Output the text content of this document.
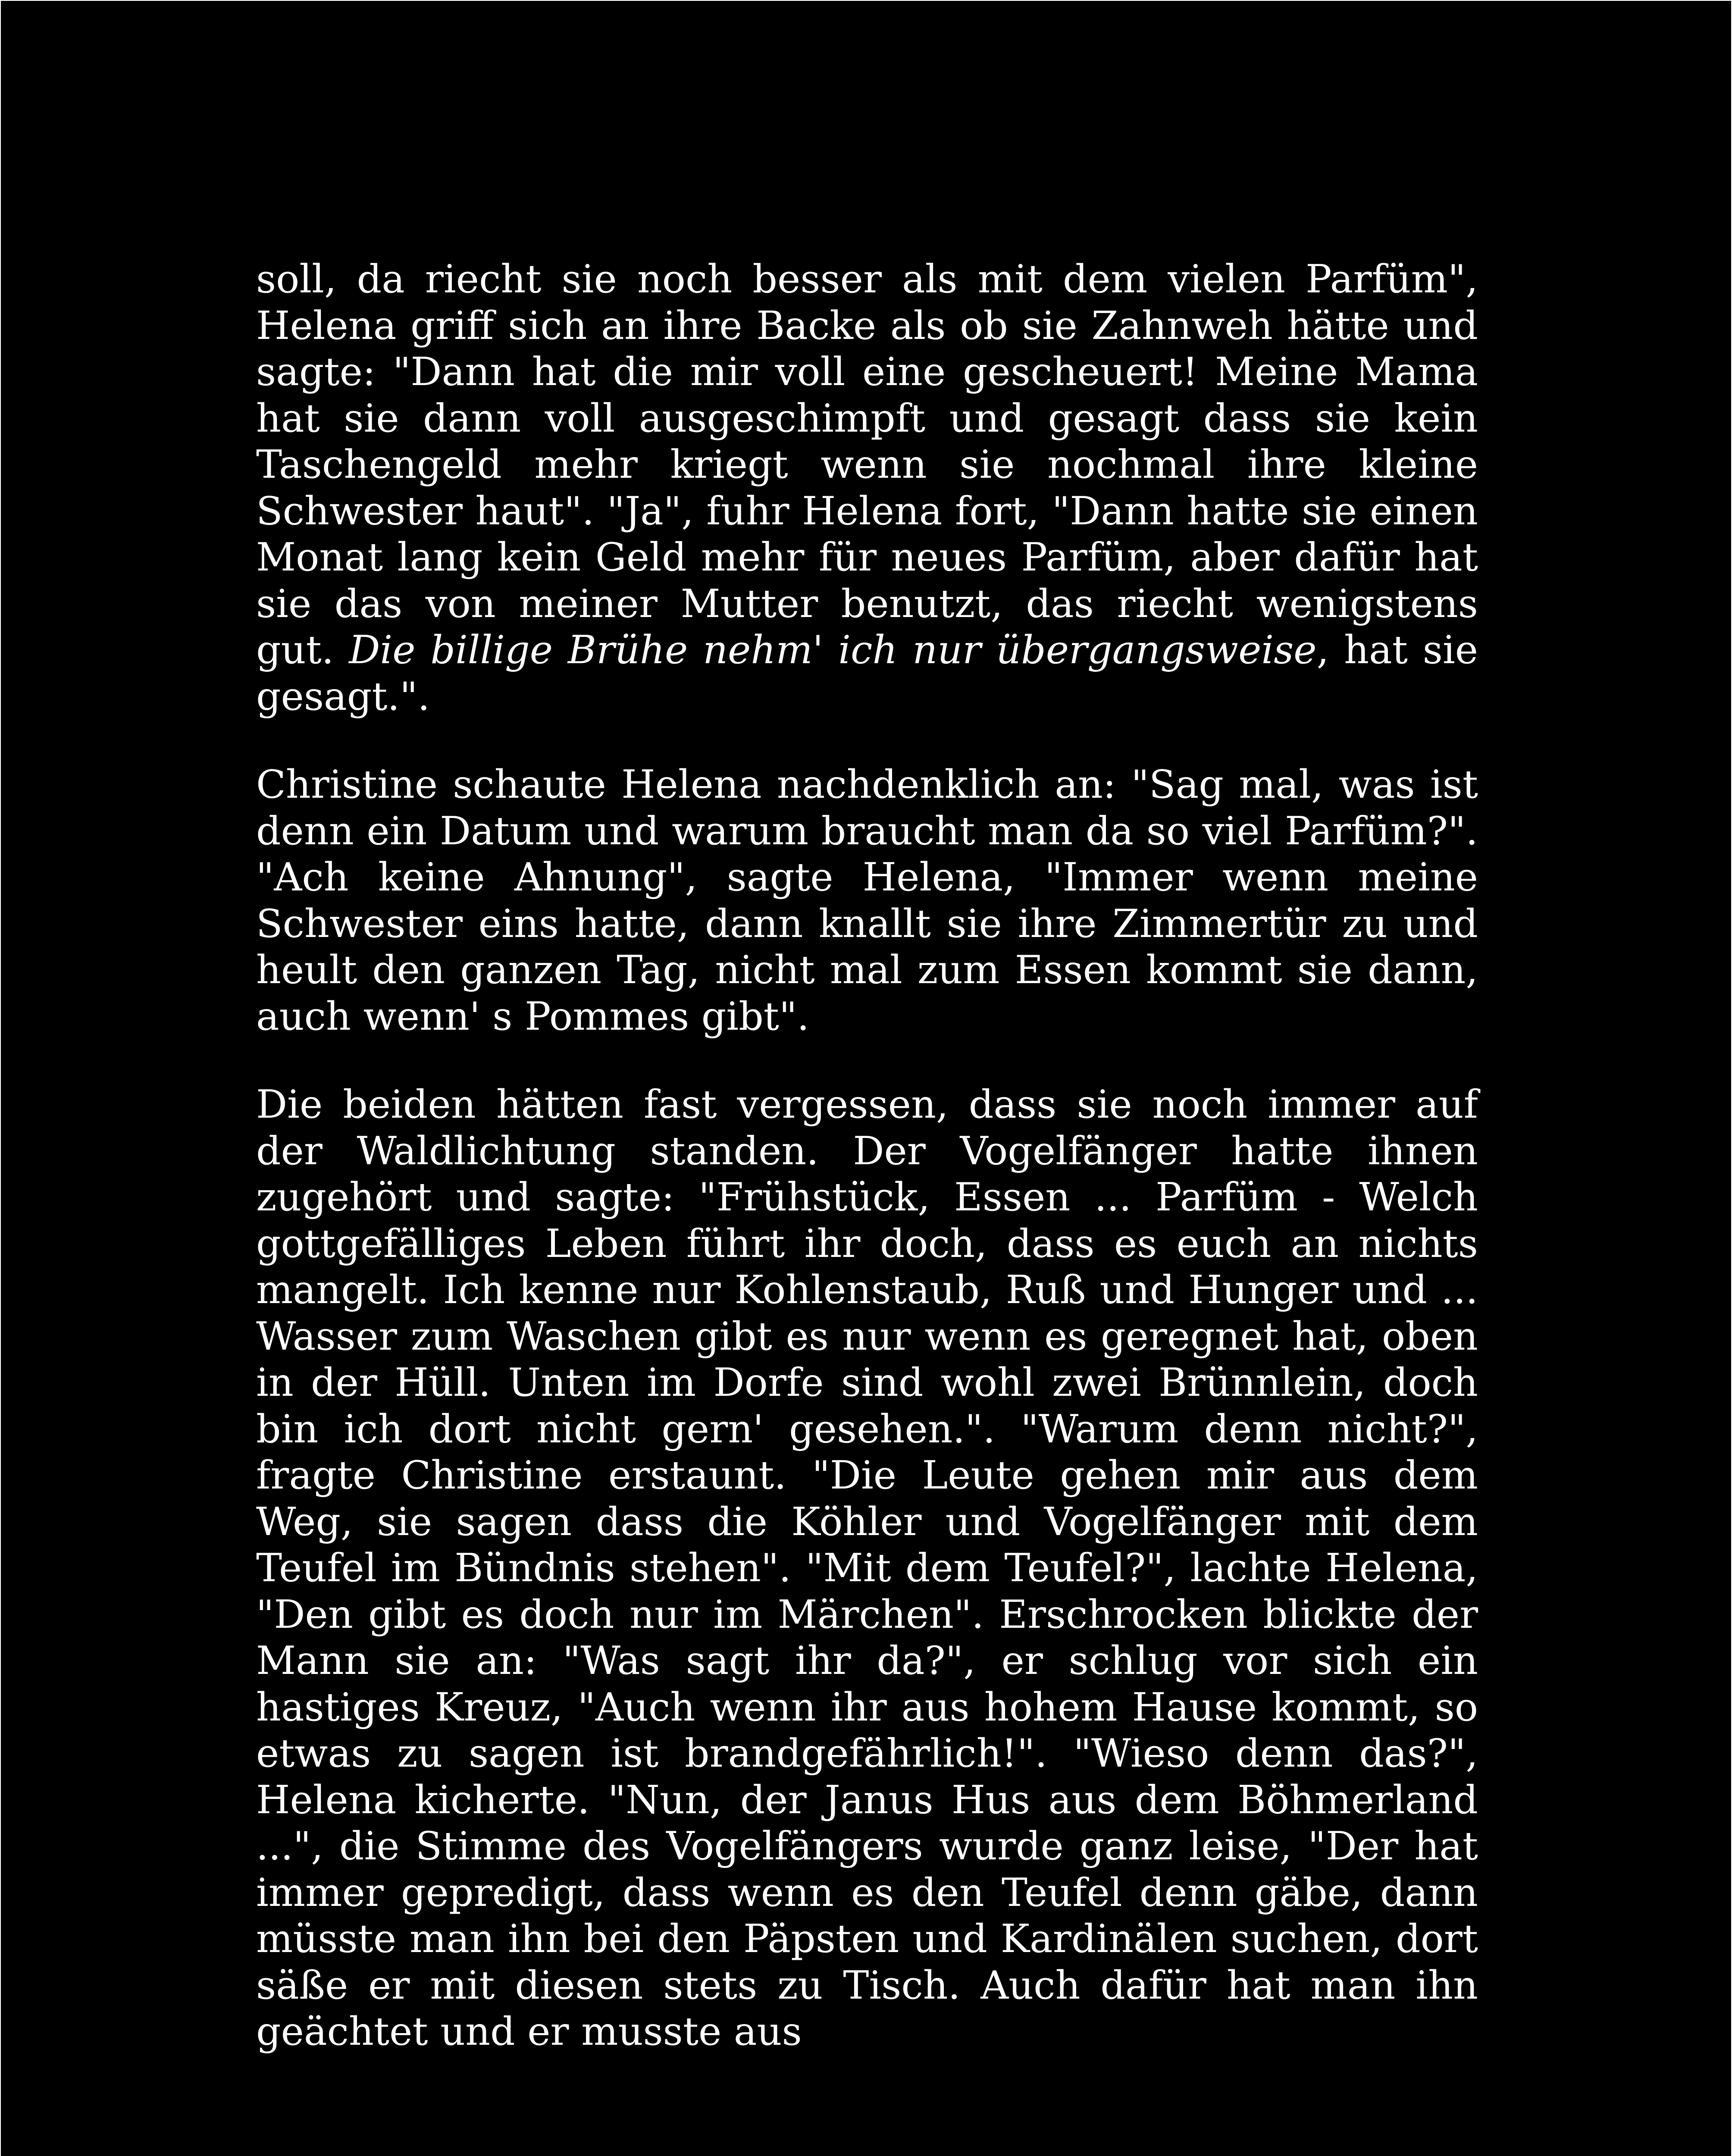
soll, da riecht sie noch besser als mit dem vielen Parfüm", Helena griff sich an ihre Backe als ob sie Zahnweh hätte und sagte: "Dann hat die mir voll eine gescheuert! Meine Mama hat sie dann voll ausgeschimpft und gesagt dass sie kein Taschengeld mehr kriegt wenn sie nochmal ihre kleine Schwester haut". "Ja", fuhr Helena fort, "Dann hatte sie einen Monat lang kein Geld mehr für neues Parfüm, aber dafür hat sie das von meiner Mutter benutzt, das riecht wenigstens gut. Die billige Brühe nehm' ich nur übergangsweise, hat sie gesagt.".

Christine schaute Helena nachdenklich an: "Sag mal, was ist denn ein Datum und warum braucht man da so viel Parfüm?". "Ach keine Ahnung", sagte Helena, "Immer wenn meine Schwester eins hatte, dann knallt sie ihre Zimmertür zu und heult den ganzen Tag, nicht mal zum Essen kommt sie dann, auch wenn' s Pommes gibt".

Die beiden hätten fast vergessen, dass sie noch immer auf der Waldlichtung standen. Der Vogelfänger hatte ihnen zugehört und sagte: "Frühstück, Essen ... Parfüm - Welch gottgefälliges Leben führt ihr doch, dass es euch an nichts mangelt. Ich kenne nur Kohlenstaub, Ruß und Hunger und ... Wasser zum Waschen gibt es nur wenn es geregnet hat, oben in der Hüll. Unten im Dorfe sind wohl zwei Brünnlein, doch bin ich dort nicht gern' gesehen.". "Warum denn nicht?", fragte Christine erstaunt. "Die Leute gehen mir aus dem Weg, sie sagen dass die Köhler und Vogelfänger mit dem Teufel im Bündnis stehen". "Mit dem Teufel?", lachte Helena, "Den gibt es doch nur im Märchen". Erschrocken blickte der Mann sie an: "Was sagt ihr da?", er schlug vor sich ein hastiges Kreuz, "Auch wenn ihr aus hohem Hause kommt, so etwas zu sagen ist brandgefährlich!". "Wieso denn das?", Helena kicherte. "Nun, der Janus Hus aus dem Böhmerland ...", die Stimme des Vogelfängers wurde ganz leise, "Der hat immer gepredigt, dass wenn es den Teufel denn gäbe, dann müsste man ihn bei den Päpsten und Kardinälen suchen, dort säße er mit diesen stets zu Tisch. Auch dafür hat man ihn geächtet und er musste aus
